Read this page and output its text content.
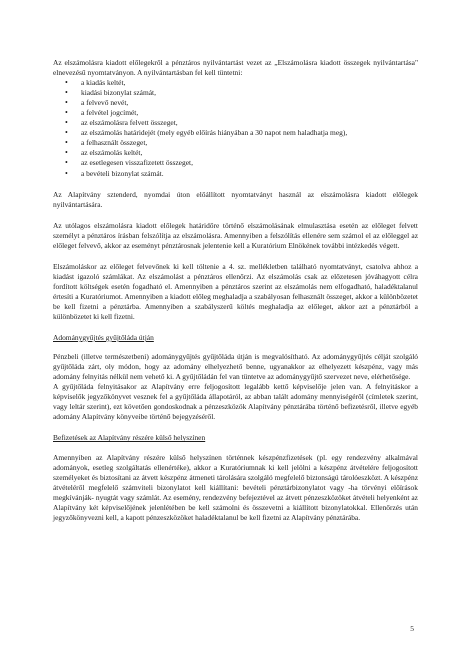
Az elszámolásra kiadott előlegekről a pénztáros nyilvántartást vezet az „Elszámolásra kiadott összegek nyilvántartása" elnevezésű nyomtatványon. A nyilvántartásban fel kell tüntetni:

• a kiadás keltét,
• kiadási bizonylat számát,
• a felvevő nevét,
• a felvétel jogcímét,
• az elszámolásra felvett összeget,
• az elszámolás határidejét (mely egyéb előírás hiányában a 30 napot nem haladhatja meg),
• a felhasznált összeget,
• az elszámolás keltét,
• az esetlegesen visszafizetett összeget,
• a bevételi bizonylat számát.

Az Alapítvány sztenderd, nyomdai úton előállított nyomtatványt használ az elszámolásra kiadott előlegek nyilvántartására.

Az utólagos elszámolásra kiadott előlegek határidőre történő elszámolásának elmulasztása esetén az előleget felvett személyt a pénztáros írásban felszólítja az elszámolásra. Amennyiben a felszólítás ellenére sem számol el az előleggel az előleget felvevő, akkor az eseményt pénztárosnak jelentenie kell a Kuratórium Elnökének további intézkedés végett.

Elszámoláskor az előleget felvevőnek ki kell töltenie a 4. sz. mellékletben található nyomtatványt, csatolva ahhoz a kiadást igazoló számlákat. Az elszámolást a pénztáros ellenőrzi. Az elszámolás csak az előzetesen jóváhagyott célra fordított költségek esetén fogadható el. Amennyiben a pénztáros szerint az elszámolás nem elfogadható, haladéktalanul értesíti a Kuratóriumot. Amennyiben a kiadott előleg meghaladja a szabályosan felhasznált összeget, akkor a különbözetet be kell fizetni a pénztárba. Amennyiben a szabályszerű költés meghaladja az előleget, akkor azt a pénztárból a különbözetet ki kell fizetni.

Adománygyűjtés gyűjtőláda útján

Pénzbeli (illetve természetbeni) adománygyűjtés gyűjtőláda útján is megvalósítható. Az adománygyűjtés célját szolgáló gyűjtőláda zárt, oly módon, hogy az adomány elhelyezhető benne, ugyanakkor az elhelyezett készpénz, vagy más adomány felnyitás nélkül nem vehető ki. A gyűjtőládán fel van tüntetve az adománygyűjtő szervezet neve, elérhetősége.

A gyűjtőláda felnyitásakor az Alapítvány erre feljogosított legalább kettő képviselője jelen van. A felnyitáskor a képviselők jegyzőkönyvet vesznek fel a gyűjtőláda állapotáról, az abban talált adomány mennyiségéről (címletek szerint, vagy leltár szerint), ezt követően gondoskodnak a pénzeszközök Alapítvány pénztárába történő befizetésről, illetve egyéb adomány Alapítvány könyveibe történő bejegyzéséről.

Befizetések az Alapítvány részére külső helyszínen

Amennyiben az Alapítvány részére külső helyszínen történnek készpénzfizetések (pl. egy rendezvény alkalmával adományok, esetleg szolgáltatás ellenértéke), akkor a Kuratóriumnak ki kell jelölni a készpénz átvételére feljogosított személyeket és biztosítani az átvett készpénz átmeneti tárolására szolgáló megfelelő biztonságú tárolóeszközt. A készpénz átvételéről megfelelő számviteli bizonylatot kell kiállítani: bevételi pénztárbizonylatot vagy -ha törvényi előírások megkívánják- nyugtát vagy számlát. Az esemény, rendezvény befejeztével az átvett pénzeszközöket átvételi helyenként az Alapítvány két képviselőjének jelenlétében be kell számolni és összevetni a kiállított bizonylatokkal. Ellenőrzés után jegyzőkönyvezni kell, a kapott pénzeszközöket haladéktalanul be kell fizetni az Alapítvány pénztárába.

5
